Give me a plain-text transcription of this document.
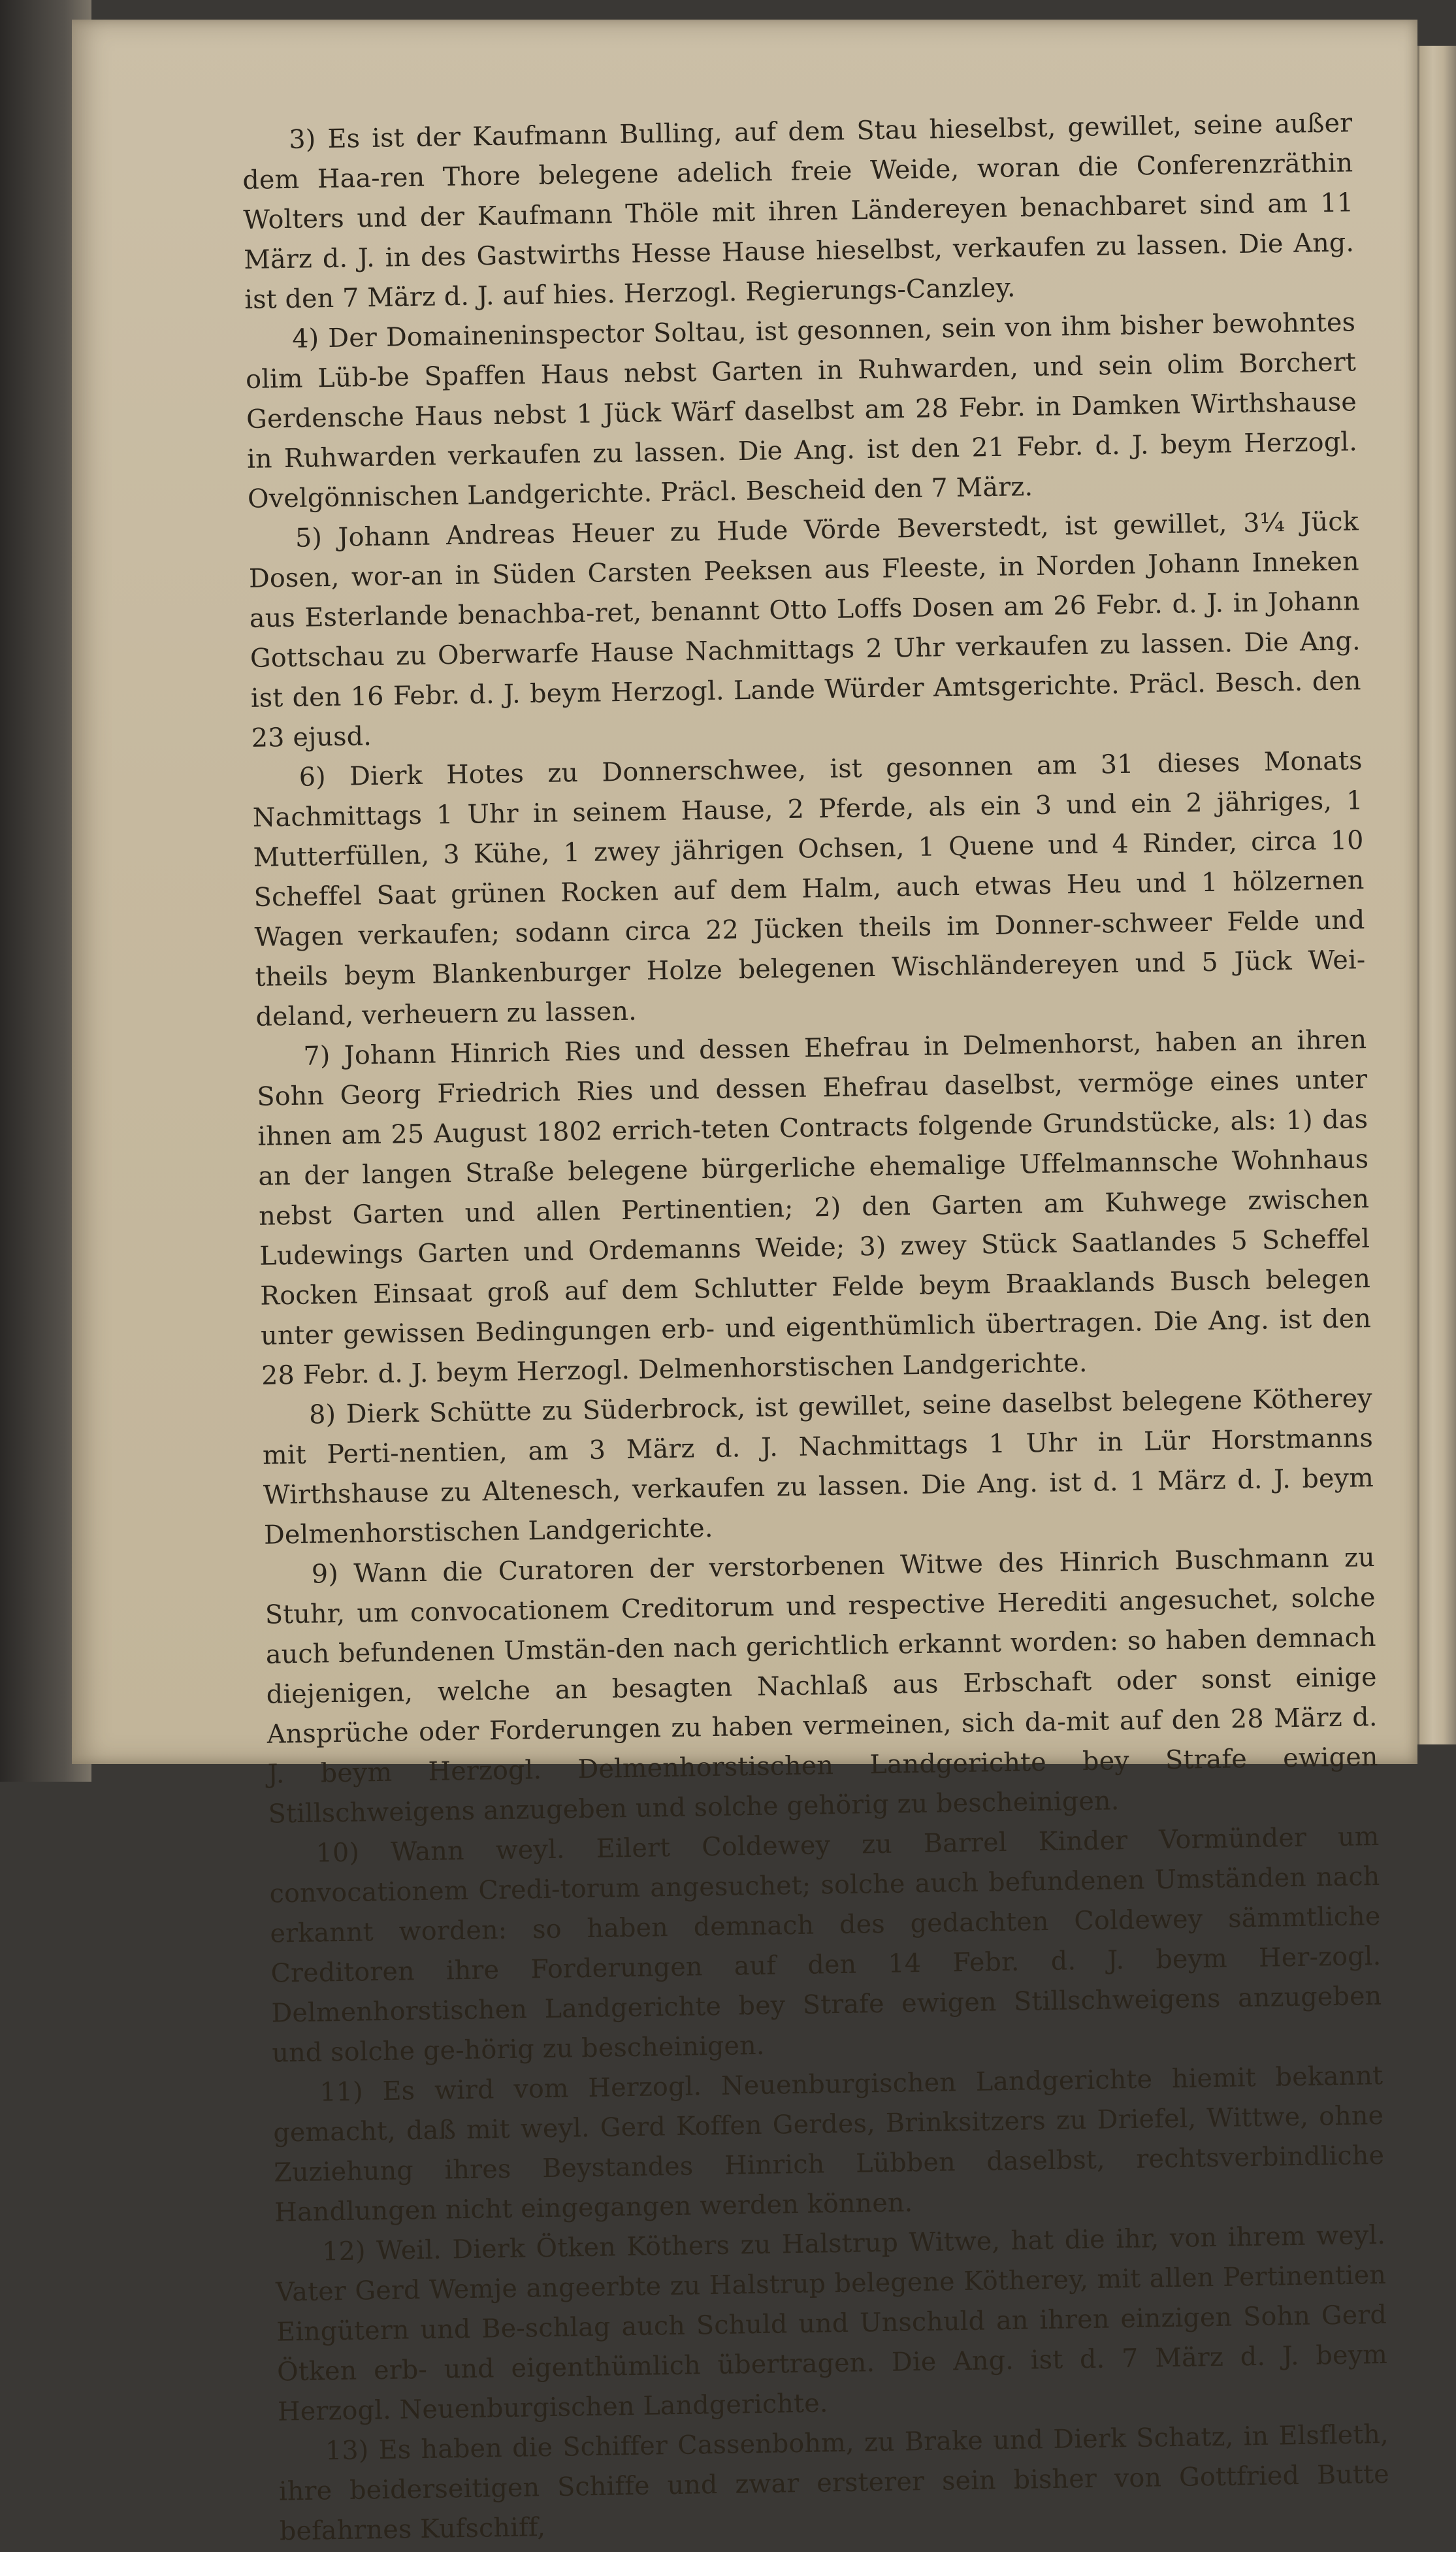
3) Es ist der Kaufmann Bulling, auf dem Stau hieselbst, gewillet, seine außer dem Haa-ren Thore belegene adelich freie Weide, woran die Conferenzräthin Wolters und der Kaufmann Thöle mit ihren Ländereyen benachbaret sind am 11 März d. J. in des Gastwirths Hesse Hause hieselbst, verkaufen zu lassen. Die Ang. ist den 7 März d. J. auf hies. Herzogl. Regierungs-Canzley.

4) Der Domaineninspector Soltau, ist gesonnen, sein von ihm bisher bewohntes olim Lüb-be Spaffen Haus nebst Garten in Ruhwarden, und sein olim Borchert Gerdensche Haus nebst 1 Jück Wärf daselbst am 28 Febr. in Damken Wirthshause in Ruhwarden verkaufen zu lassen. Die Ang. ist den 21 Febr. d. J. beym Herzogl. Ovelgönnischen Landgerichte. Präcl. Bescheid den 7 März.

5) Johann Andreas Heuer zu Hude Vörde Beverstedt, ist gewillet, 3¼ Jück Dosen, wor-an in Süden Carsten Peeksen aus Fleeste, in Norden Johann Inneken aus Esterlande benachba-ret, benannt Otto Loffs Dosen am 26 Febr. d. J. in Johann Gottschau zu Oberwarfe Hause Nachmittags 2 Uhr verkaufen zu lassen. Die Ang. ist den 16 Febr. d. J. beym Herzogl. Lande Würder Amtsgerichte. Präcl. Besch. den 23 ejusd.

6) Dierk Hotes zu Donnerschwee, ist gesonnen am 31 dieses Monats Nachmittags 1 Uhr in seinem Hause, 2 Pferde, als ein 3 und ein 2 jähriges, 1 Mutterfüllen, 3 Kühe, 1 zwey jährigen Ochsen, 1 Quene und 4 Rinder, circa 10 Scheffel Saat grünen Rocken auf dem Halm, auch etwas Heu und 1 hölzernen Wagen verkaufen; sodann circa 22 Jücken theils im Donner-schweer Felde und theils beym Blankenburger Holze belegenen Wischländereyen und 5 Jück Wei-deland, verheuern zu lassen.

7) Johann Hinrich Ries und dessen Ehefrau in Delmenhorst, haben an ihren Sohn Georg Friedrich Ries und dessen Ehefrau daselbst, vermöge eines unter ihnen am 25 August 1802 errich-teten Contracts folgende Grundstücke, als: 1) das an der langen Straße belegene bürgerliche ehemalige Uffelmannsche Wohnhaus nebst Garten und allen Pertinentien; 2) den Garten am Kuhwege zwischen Ludewings Garten und Ordemanns Weide; 3) zwey Stück Saatlandes 5 Scheffel Rocken Einsaat groß auf dem Schlutter Felde beym Braaklands Busch belegen unter gewissen Bedingungen erb- und eigenthümlich übertragen. Die Ang. ist den 28 Febr. d. J. beym Herzogl. Delmenhorstischen Landgerichte.

8) Dierk Schütte zu Süderbrock, ist gewillet, seine daselbst belegene Kötherey mit Perti-nentien, am 3 März d. J. Nachmittags 1 Uhr in Lür Horstmanns Wirthshause zu Altenesch, verkaufen zu lassen. Die Ang. ist d. 1 März d. J. beym Delmenhorstischen Landgerichte.

9) Wann die Curatoren der verstorbenen Witwe des Hinrich Buschmann zu Stuhr, um convocationem Creditorum und respective Herediti angesuchet, solche auch befundenen Umstän-den nach gerichtlich erkannt worden: so haben demnach diejenigen, welche an besagten Nachlaß aus Erbschaft oder sonst einige Ansprüche oder Forderungen zu haben vermeinen, sich da-mit auf den 28 März d. J. beym Herzogl. Delmenhorstischen Landgerichte bey Strafe ewigen Stillschweigens anzugeben und solche gehörig zu bescheinigen.

10) Wann weyl. Eilert Coldewey zu Barrel Kinder Vormünder um convocationem Credi-torum angesuchet; solche auch befundenen Umständen nach erkannt worden: so haben demnach des gedachten Coldewey sämmtliche Creditoren ihre Forderungen auf den 14 Febr. d. J. beym Her-zogl. Delmenhorstischen Landgerichte bey Strafe ewigen Stillschweigens anzugeben und solche ge-hörig zu bescheinigen.

11) Es wird vom Herzogl. Neuenburgischen Landgerichte hiemit bekannt gemacht, daß mit weyl. Gerd Koffen Gerdes, Brinksitzers zu Driefel, Wittwe, ohne Zuziehung ihres Beystandes Hinrich Lübben daselbst, rechtsverbindliche Handlungen nicht eingegangen werden können.

12) Weil. Dierk Ötken Köthers zu Halstrup Witwe, hat die ihr, von ihrem weyl. Vater Gerd Wemje angeerbte zu Halstrup belegene Kötherey, mit allen Pertinentien Eingütern und Be-schlag auch Schuld und Unschuld an ihren einzigen Sohn Gerd Ötken erb- und eigenthümlich übertragen. Die Ang. ist d. 7 März d. J. beym Herzogl. Neuenburgischen Landgerichte.

13) Es haben die Schiffer Cassenbohm, zu Brake und Dierk Schatz, in Elsfleth, ihre beiderseitigen Schiffe und zwar ersterer sein bisher von Gottfried Butte befahrnes Kufschiff,
